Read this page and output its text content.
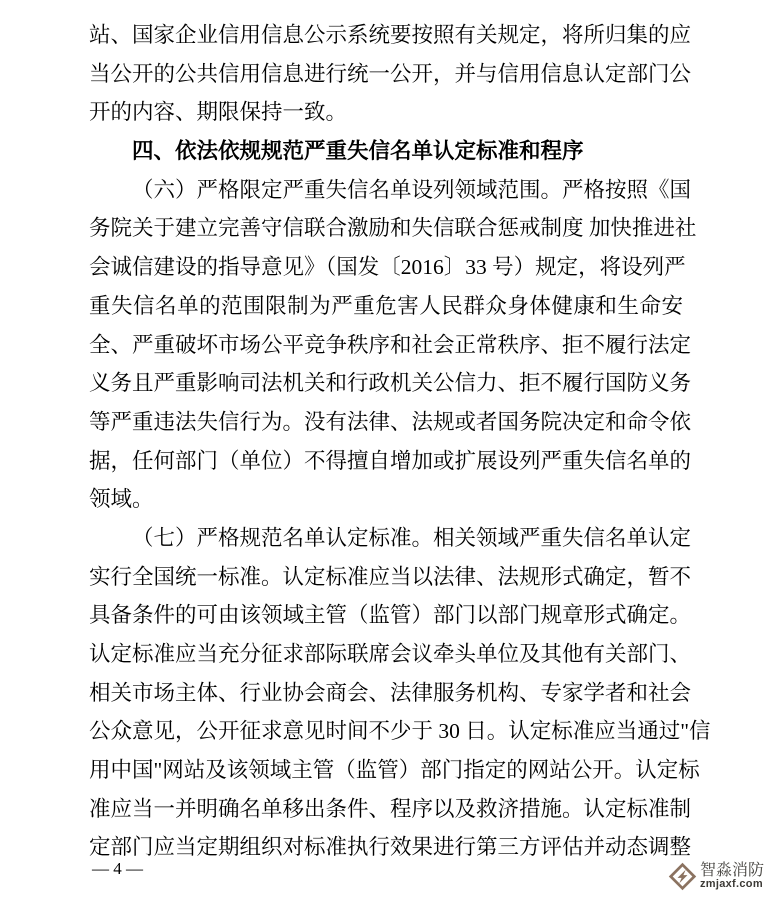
站、国家企业信用信息公示系统要按照有关规定，将所归集的应
当公开的公共信用信息进行统一公开，并与信用信息认定部门公
开的内容、期限保持一致。
四、依法依规规范严重失信名单认定标准和程序
（六）严格限定严重失信名单设列领域范围。严格按照《国
务院关于建立完善守信联合激励和失信联合惩戒制度 加快推进社
会诚信建设的指导意见》（国发〔2016〕33 号）规定，将设列严
重失信名单的范围限制为严重危害人民群众身体健康和生命安
全、严重破坏市场公平竞争秩序和社会正常秩序、拒不履行法定
义务且严重影响司法机关和行政机关公信力、拒不履行国防义务
等严重违法失信行为。没有法律、法规或者国务院决定和命令依
据，任何部门（单位）不得擅自增加或扩展设列严重失信名单的
领域。
（七）严格规范名单认定标准。相关领域严重失信名单认定
实行全国统一标准。认定标准应当以法律、法规形式确定，暂不
具备条件的可由该领域主管（监管）部门以部门规章形式确定。
认定标准应当充分征求部际联席会议牵头单位及其他有关部门、
相关市场主体、行业协会商会、法律服务机构、专家学者和社会
公众意见，公开征求意见时间不少于 30 日。认定标准应当通过"信
用中国"网站及该领域主管（监管）部门指定的网站公开。认定标
准应当一并明确名单移出条件、程序以及救济措施。认定标准制
定部门应当定期组织对标准执行效果进行第三方评估并动态调整
— 4 —	智淼消防
zmjaxf.com
